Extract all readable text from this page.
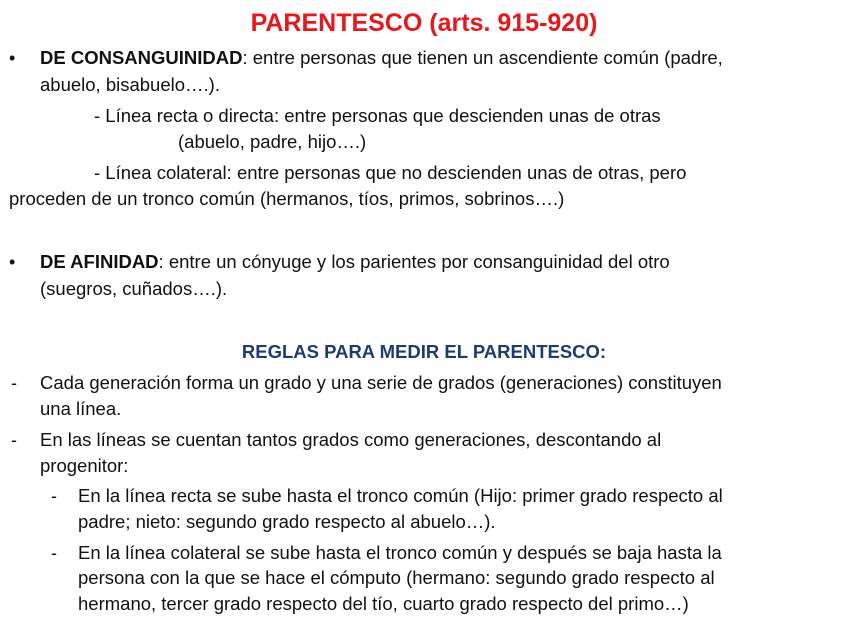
PARENTESCO (arts. 915-920)
• DE CONSANGUINIDAD: entre personas que tienen un ascendiente común (padre,
abuelo, bisabuelo….).
- Línea recta o directa: entre personas que descienden unas de otras
(abuelo, padre, hijo….)
- Línea colateral: entre personas que no descienden unas de otras, pero
proceden de un tronco común (hermanos, tíos, primos, sobrinos….)
• DE AFINIDAD: entre un cónyuge y los parientes por consanguinidad del otro
(suegros, cuñados….).
REGLAS PARA MEDIR EL PARENTESCO:
- Cada generación forma un grado y una serie de grados (generaciones) constituyen
una línea.
- En las líneas se cuentan tantos grados como generaciones, descontando al
progenitor:
- En la línea recta se sube hasta el tronco común (Hijo: primer grado respecto al
padre; nieto: segundo grado respecto al abuelo…).
- En la línea colateral se sube hasta el tronco común y después se baja hasta la
persona con la que se hace el cómputo (hermano: segundo grado respecto al
hermano, tercer grado respecto del tío, cuarto grado respecto del primo…)
